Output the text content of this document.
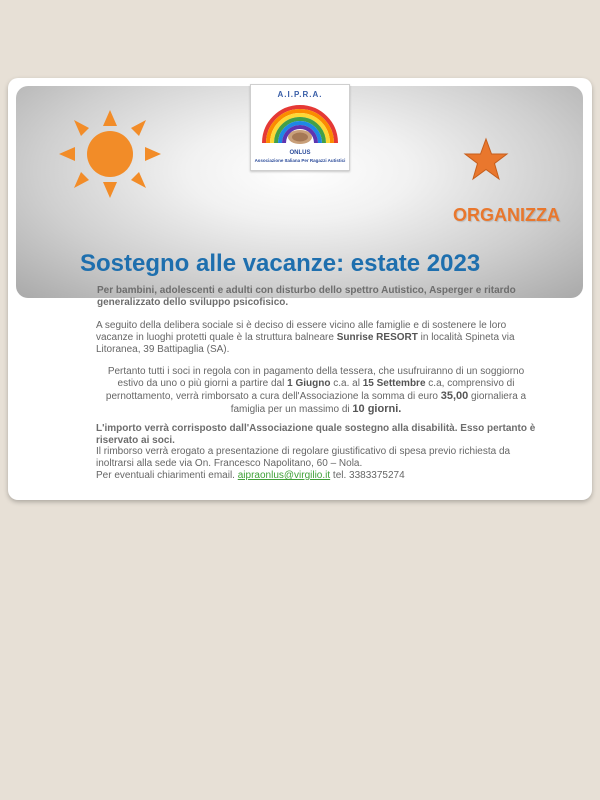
A.I.P.R.A.
ONLUS
Associazione Italiana Per Ragazzi Autistici
ORGANIZZA
Sostegno alle vacanze: estate 2023
Per bambini, adolescenti e adulti con disturbo dello spettro Autistico, Asperger e ritardo generalizzato dello sviluppo psicofisico.
A seguito della delibera sociale si è deciso di essere vicino alle famiglie e di sostenere le loro vacanze in luoghi protetti quale è la struttura balneare Sunrise RESORT in località Spineta via Litoranea, 39 Battipaglia (SA).
Pertanto tutti i soci in regola con in pagamento della tessera, che usufruiranno di un soggiorno estivo da uno o più giorni a partire dal 1 Giugno c.a. al 15 Settembre c.a, comprensivo di pernottamento, verrà rimborsato a cura dell'Associazione la somma di euro 35,00 giornaliera a famiglia per un massimo di 10 giorni.
L'importo verrà corrisposto dall'Associazione quale sostegno alla disabilità. Esso pertanto è riservato ai soci.
Il rimborso verrà erogato a presentazione di regolare giustificativo di spesa previo richiesta da inoltrarsi alla sede via On. Francesco Napolitano, 60 – Nola.
Per eventuali chiarimenti email. aipraonlus@virgilio.it tel. 3383375274
